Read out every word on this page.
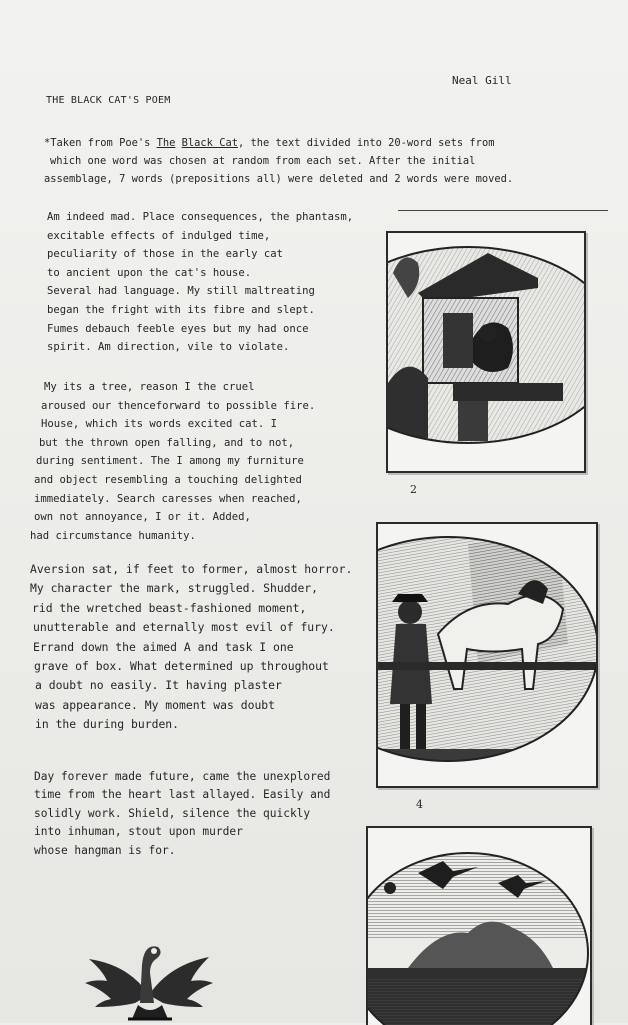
Neal Gill
THE BLACK CAT'S POEM
*Taken from Poe's The Black Cat, the text divided into 20-word sets from
which one word was chosen at random from each set. After the initial
assemblage, 7 words (prepositions all) were deleted and 2 words were moved.
Am indeed mad. Place consequences, the phantasm,
excitable effects of indulged time,
peculiarity of those in the early cat
to ancient upon the cat's house.
Several had language. My still maltreating
began the fright with its fibre and slept.
Fumes debauch feeble eyes but my had once
spirit. Am direction, vile to violate.
My its a tree, reason I the cruel
aroused our thenceforward to possible fire.
House, which its words excited cat. I
but the thrown open falling, and to not,
during sentiment. The I among my furniture
and object resembling a touching delighted
immediately. Search caresses when reached,
own not annoyance, I or it. Added,
had circumstance humanity.
Aversion sat, if feet to former, almost horror.
My character the mark, struggled. Shudder,
rid the wretched beast-fashioned moment,
unutterable and eternally most evil of fury.
Errand down the aimed A and task I one
grave of box. What determined up throughout
a doubt no easily. It having plaster
was appearance. My moment was doubt
in the during burden.
Day forever made future, came the unexplored
time from the heart last allayed. Easily and
solidly work. Shield, silence the quickly
into inhuman, stout upon murder
whose hangman is for.
2
4
